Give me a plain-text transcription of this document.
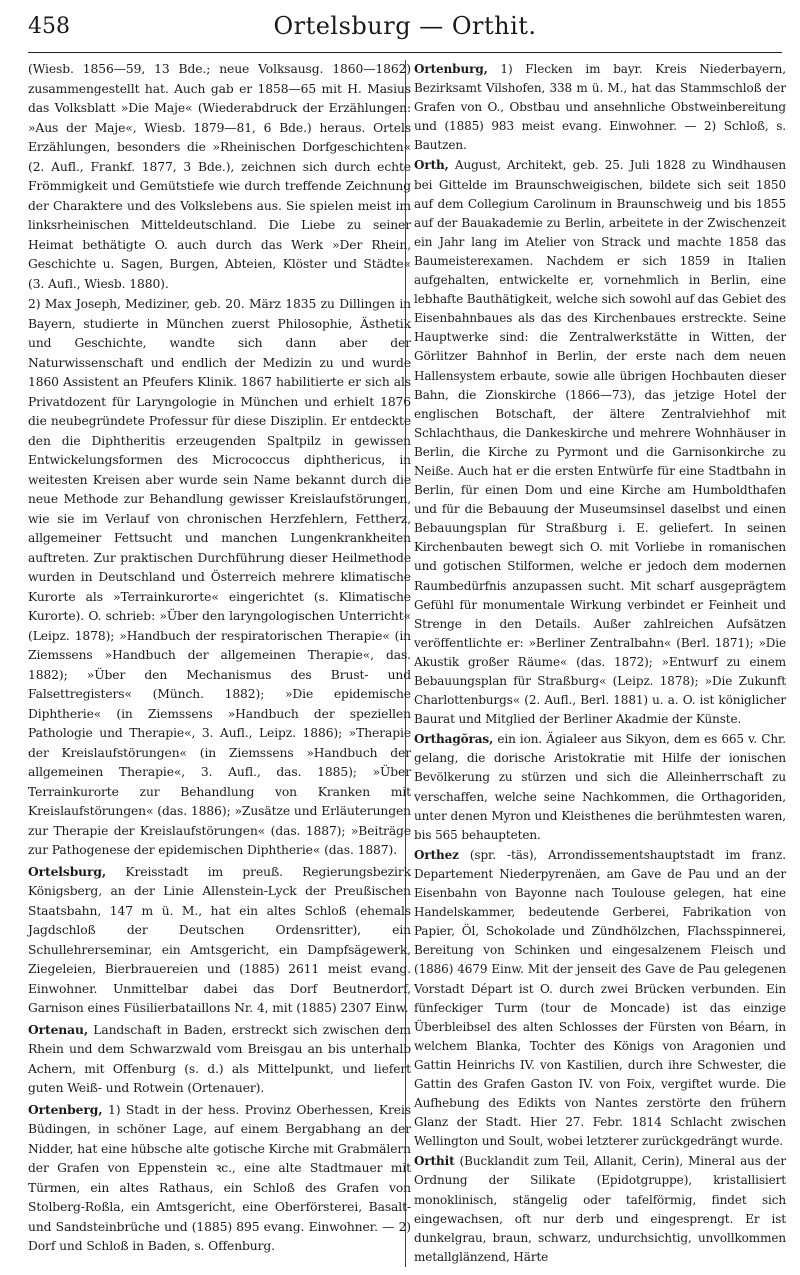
458	Ortelsburg — Orthit.

(Wiesb. 1856—59, 13 Bde.; neue Volksausg. 1860—1862) zusammengestellt hat. Auch gab er 1858—65 mit H. Masius das Volksblatt »Die Maje« (Wiederabdruck der Erzählungen: »Aus der Maje«, Wiesb. 1879—81, 6 Bde.) heraus. Ortels Erzählungen, besonders die »Rheinischen Dorfgeschichten« (2. Aufl., Frankf. 1877, 3 Bde.), zeichnen sich durch echte Frömmigkeit und Gemütstiefe wie durch treffende Zeichnung der Charaktere und des Volkslebens aus. Sie spielen meist im linksrheinischen Mitteldeutschland. Die Liebe zu seiner Heimat bethätigte O. auch durch das Werk »Der Rhein, Geschichte u. Sagen, Burgen, Abteien, Klöster und Städte« (3. Aufl., Wiesb. 1880).

2) Max Joseph, Mediziner, geb. 20. März 1835 zu Dillingen in Bayern, studierte in München zuerst Philosophie, Ästhetik und Geschichte, wandte sich dann aber der Naturwissenschaft und endlich der Medizin zu und wurde 1860 Assistent an Pfeufers Klinik. 1867 habilitierte er sich als Privatdozent für Laryngologie in München und erhielt 1876 die neubegründete Professur für diese Disziplin. Er entdeckte den die Diphtheritis erzeugenden Spaltpilz in gewissen Entwickelungsformen des Micrococcus diphthericus, in weitesten Kreisen aber wurde sein Name bekannt durch die neue Methode zur Behandlung gewisser Kreislaufstörungen, wie sie im Verlauf von chronischen Herzfehlern, Fettherz, allgemeiner Fettsucht und manchen Lungenkrankheiten auftreten. Zur praktischen Durchführung dieser Heilmethode wurden in Deutschland und Österreich mehrere klimatische Kurorte als »Terrainkurorte« eingerichtet (s. Klimatische Kurorte). O. schrieb: »Über den laryngologischen Unterricht« (Leipz. 1878); »Handbuch der respiratorischen Therapie« (in Ziemssens »Handbuch der allgemeinen Therapie«, das. 1882); »Über den Mechanismus des Brust- und Falsettregisters« (Münch. 1882); »Die epidemische Diphtherie« (in Ziemssens »Handbuch der speziellen Pathologie und Therapie«, 3. Aufl., Leipz. 1886); »Therapie der Kreislaufstörungen« (in Ziemssens »Handbuch der allgemeinen Therapie«, 3. Aufl., das. 1885); »Über Terrainkurorte zur Behandlung von Kranken mit Kreislaufstörungen« (das. 1886); »Zusätze und Erläuterungen zur Therapie der Kreislaufstörungen« (das. 1887); »Beiträge zur Pathogenese der epidemischen Diphtherie« (das. 1887).

Ortelsburg, Kreisstadt im preuß. Regierungsbezirk Königsberg, an der Linie Allenstein-Lyck der Preußischen Staatsbahn, 147 m ü. M., hat ein altes Schloß (ehemals Jagdschloß der Deutschen Ordensritter), ein Schullehrerseminar, ein Amtsgericht, ein Dampfsägewerk, Ziegeleien, Bierbrauereien und (1885) 2611 meist evang. Einwohner. Unmittelbar dabei das Dorf Beutnerdorf, Garnison eines Füsilierbataillons Nr. 4, mit (1885) 2307 Einw.

Ortenau, Landschaft in Baden, erstreckt sich zwischen dem Rhein und dem Schwarzwald vom Breisgau an bis unterhalb Achern, mit Offenburg (s. d.) als Mittelpunkt, und liefert guten Weiß- und Rotwein (Ortenauer).

Ortenberg, 1) Stadt in der hess. Provinz Oberhessen, Kreis Büdingen, in schöner Lage, auf einem Bergabhang an der Nidder, hat eine hübsche alte gotische Kirche mit Grabmälern der Grafen von Eppenstein ꝛc., eine alte Stadtmauer mit Türmen, ein altes Rathaus, ein Schloß des Grafen von Stolberg-Roßla, ein Amtsgericht, eine Oberförsterei, Basalt- und Sandsteinbrüche und (1885) 895 evang. Einwohner. — 2) Dorf und Schloß in Baden, s. Offenburg.

Ortenburg, 1) Flecken im bayr. Kreis Niederbayern, Bezirksamt Vilshofen, 338 m ü. M., hat das Stammschloß der Grafen von O., Obstbau und ansehnliche Obstweinbereitung und (1885) 983 meist evang. Einwohner. — 2) Schloß, s. Bautzen.

Orth, August, Architekt, geb. 25. Juli 1828 zu Windhausen bei Gittelde im Braunschweigischen, bildete sich seit 1850 auf dem Collegium Carolinum in Braunschweig und bis 1855 auf der Bauakademie zu Berlin, arbeitete in der Zwischenzeit ein Jahr lang im Atelier von Strack und machte 1858 das Baumeisterexamen. Nachdem er sich 1859 in Italien aufgehalten, entwickelte er, vornehmlich in Berlin, eine lebhafte Bauthätigkeit, welche sich sowohl auf das Gebiet des Eisenbahnbaues als das des Kirchenbaues erstreckte. Seine Hauptwerke sind: die Zentralwerkstätte in Witten, der Görlitzer Bahnhof in Berlin, der erste nach dem neuen Hallensystem erbaute, sowie alle übrigen Hochbauten dieser Bahn, die Zionskirche (1866—73), das jetzige Hotel der englischen Botschaft, der ältere Zentralviehhof mit Schlachthaus, die Dankeskirche und mehrere Wohnhäuser in Berlin, die Kirche zu Pyrmont und die Garnisonkirche zu Neiße. Auch hat er die ersten Entwürfe für eine Stadtbahn in Berlin, für einen Dom und eine Kirche am Humboldthafen und für die Bebauung der Museumsinsel daselbst und einen Bebauungsplan für Straßburg i. E. geliefert. In seinen Kirchenbauten bewegt sich O. mit Vorliebe in romanischen und gotischen Stilformen, welche er jedoch dem modernen Raumbedürfnis anzupassen sucht. Mit scharf ausgeprägtem Gefühl für monumentale Wirkung verbindet er Feinheit und Strenge in den Details. Außer zahlreichen Aufsätzen veröffentlichte er: »Berliner Zentralbahn« (Berl. 1871); »Die Akustik großer Räume« (das. 1872); »Entwurf zu einem Bebauungsplan für Straßburg« (Leipz. 1878); »Die Zukunft Charlottenburgs« (2. Aufl., Berl. 1881) u. a. O. ist königlicher Baurat und Mitglied der Berliner Akadmie der Künste.

Orthagŏras, ein ion. Ägialeer aus Sikyon, dem es 665 v. Chr. gelang, die dorische Aristokratie mit Hilfe der ionischen Bevölkerung zu stürzen und sich die Alleinherrschaft zu verschaffen, welche seine Nachkommen, die Orthagoriden, unter denen Myron und Kleisthenes die berühmtesten waren, bis 565 behaupteten.

Orthez (spr. -täs), Arrondissementshauptstadt im franz. Departement Niederpyrenäen, am Gave de Pau und an der Eisenbahn von Bayonne nach Toulouse gelegen, hat eine Handelskammer, bedeutende Gerberei, Fabrikation von Papier, Öl, Schokolade und Zündhölzchen, Flachsspinnerei, Bereitung von Schinken und eingesalzenem Fleisch und (1886) 4679 Einw. Mit der jenseit des Gave de Pau gelegenen Vorstadt Départ ist O. durch zwei Brücken verbunden. Ein fünfeckiger Turm (tour de Moncade) ist das einzige Überbleibsel des alten Schlosses der Fürsten von Béarn, in welchem Blanka, Tochter des Königs von Aragonien und Gattin Heinrichs IV. von Kastilien, durch ihre Schwester, die Gattin des Grafen Gaston IV. von Foix, vergiftet wurde. Die Aufhebung des Edikts von Nantes zerstörte den frühern Glanz der Stadt. Hier 27. Febr. 1814 Schlacht zwischen Wellington und Soult, wobei letzterer zurückgedrängt wurde.

Orthit (Bucklandit zum Teil, Allanit, Cerin), Mineral aus der Ordnung der Silikate (Epidotgruppe), kristallisiert monoklinisch, stängelig oder tafelförmig, findet sich eingewachsen, oft nur derb und eingesprengt. Er ist dunkelgrau, braun, schwarz, undurchsichtig, unvollkommen metallglänzend, Härte
